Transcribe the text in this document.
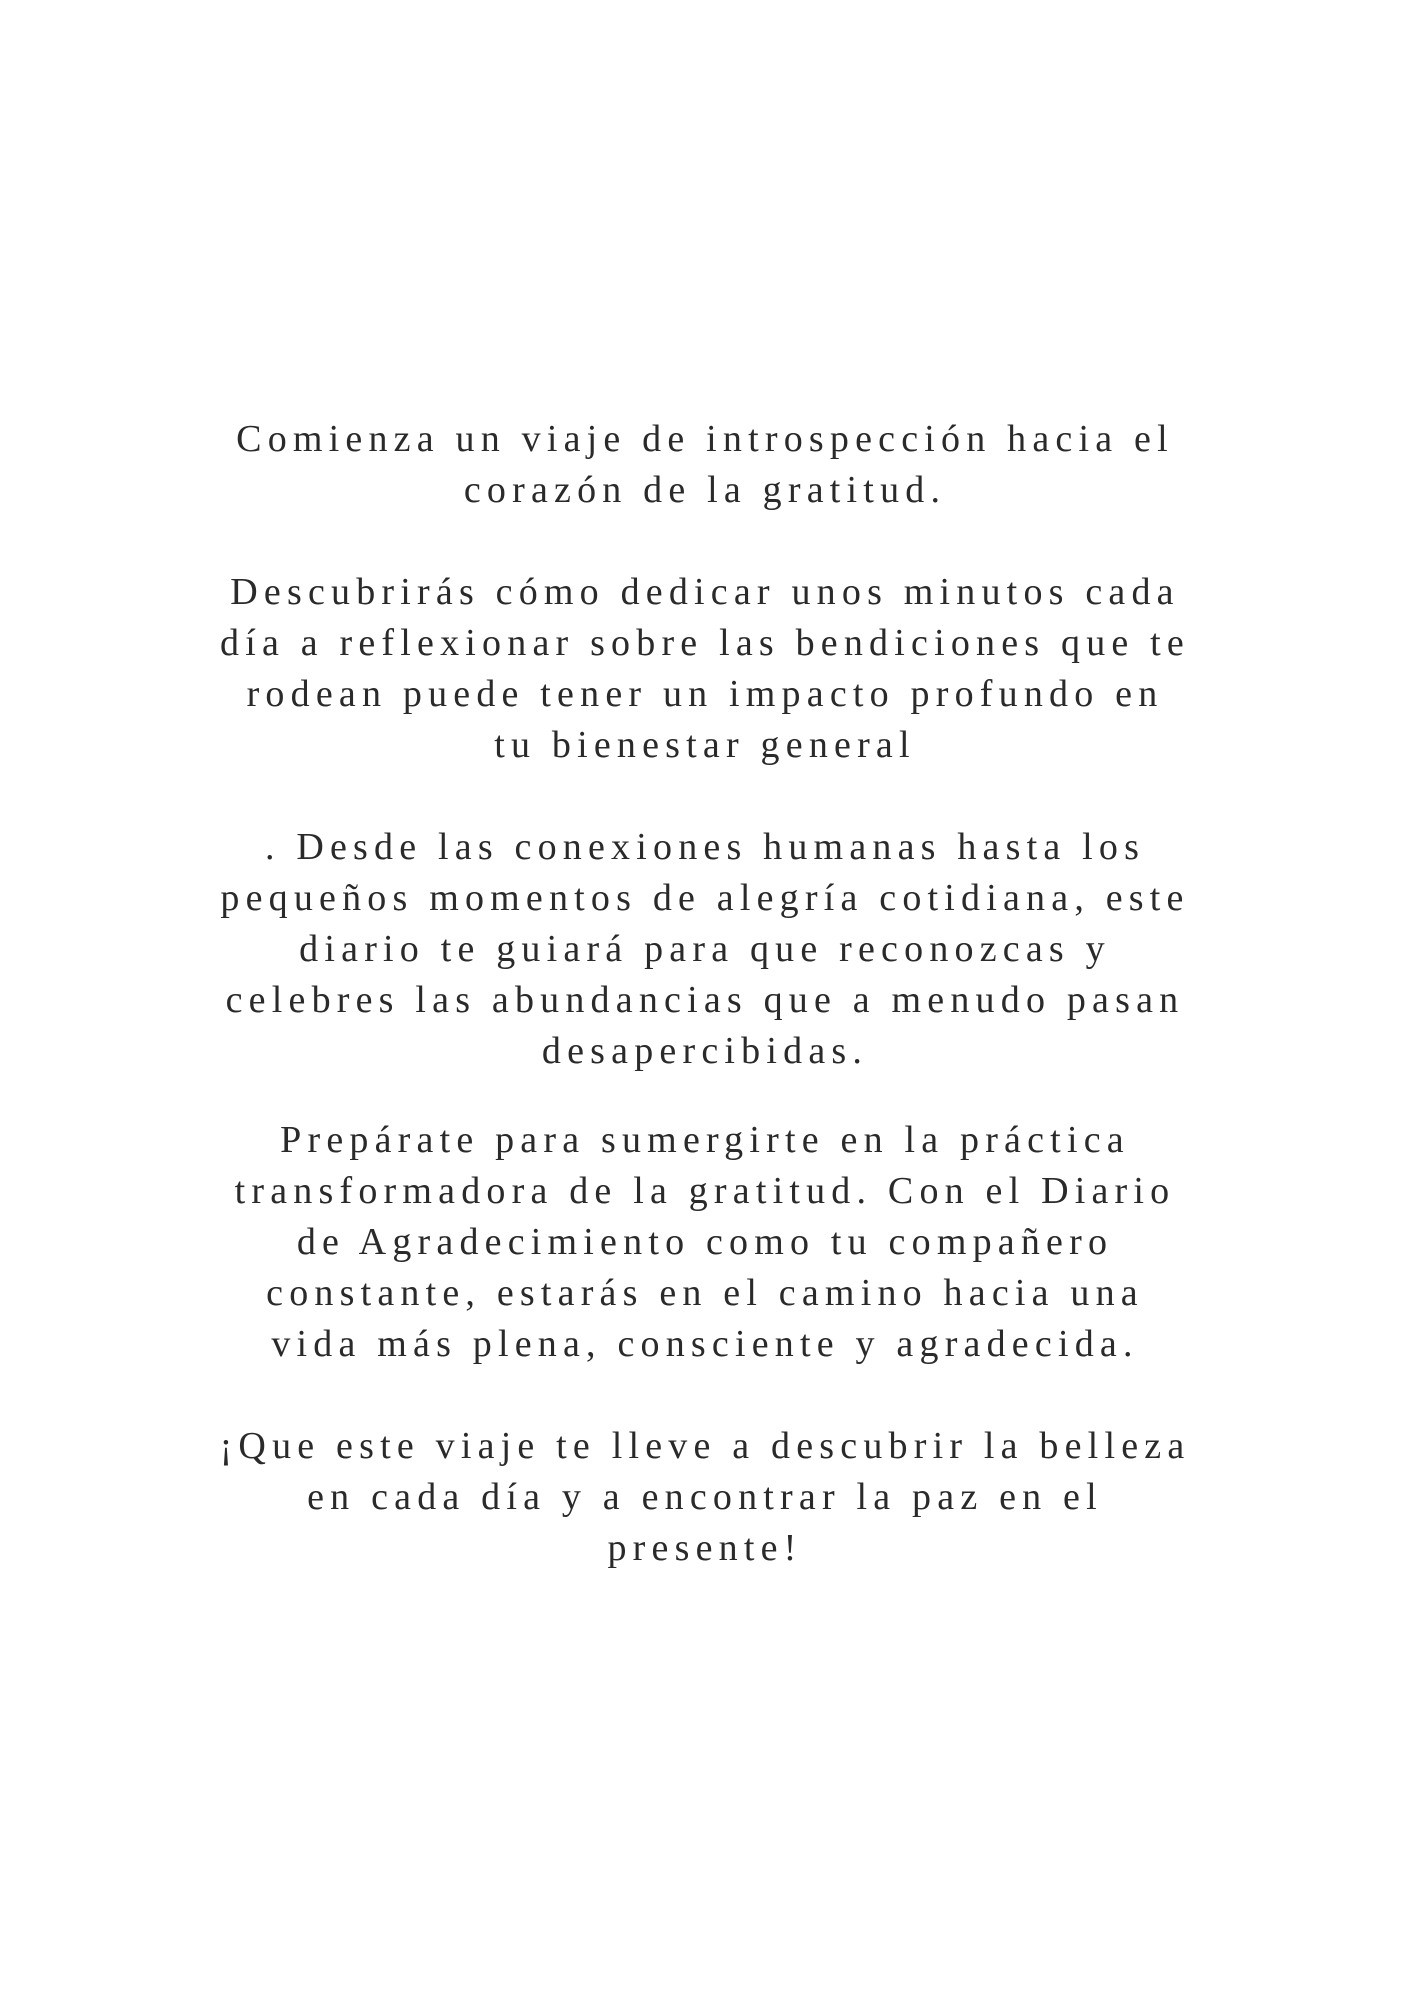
Comienza un viaje de introspección hacia el
corazón de la gratitud.
Descubrirás cómo dedicar unos minutos cada
día a reflexionar sobre las bendiciones que te
rodean puede tener un impacto profundo en
tu bienestar general
. Desde las conexiones humanas hasta los
pequeños momentos de alegría cotidiana, este
diario te guiará para que reconozcas y
celebres las abundancias que a menudo pasan
desapercibidas.
Prepárate para sumergirte en la práctica
transformadora de la gratitud. Con el Diario
de Agradecimiento como tu compañero
constante, estarás en el camino hacia una
vida más plena, consciente y agradecida.
¡Que este viaje te lleve a descubrir la belleza
en cada día y a encontrar la paz en el
presente!
